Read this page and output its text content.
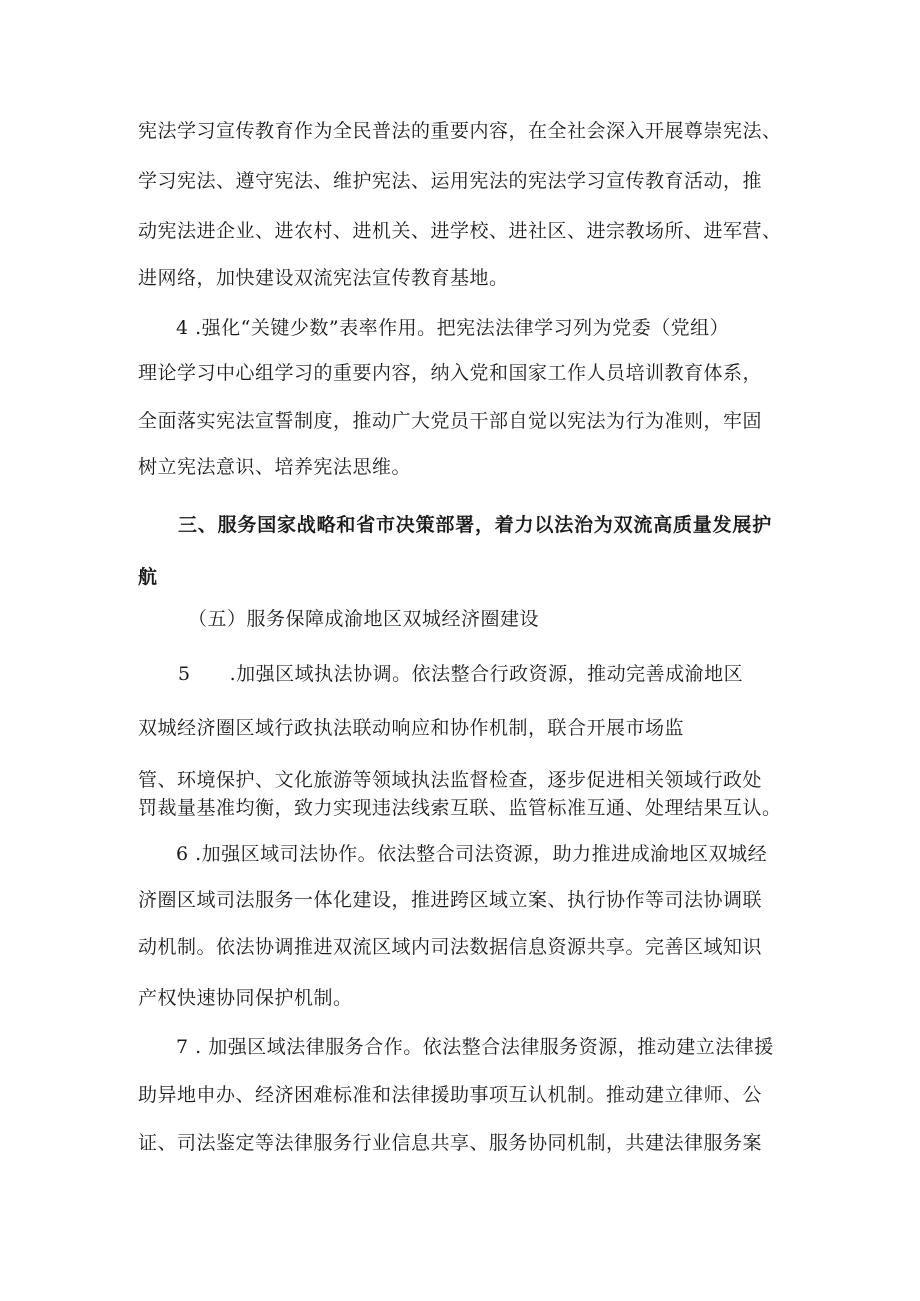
宪法学习宣传教育作为全民普法的重要内容，在全社会深入开展尊崇宪法、
学习宪法、遵守宪法、维护宪法、运用宪法的宪法学习宣传教育活动，推
动宪法进企业、进农村、进机关、进学校、进社区、进宗教场所、进军营、
进网络，加快建设双流宪法宣传教育基地。
4 .强化“关键少数”表率作用。把宪法法律学习列为党委（党组）
理论学习中心组学习的重要内容，纳入党和国家工作人员培训教育体系，
全面落实宪法宣誓制度，推动广大党员干部自觉以宪法为行为准则，牢固
树立宪法意识、培养宪法思维。
三、服务国家战略和省市决策部署，着力以法治为双流高质量发展护
航
（五）服务保障成渝地区双城经济圈建设
5　　.加强区域执法协调。依法整合行政资源，推动完善成渝地区
双城经济圈区域行政执法联动响应和协作机制，联合开展市场监
管、环境保护、文化旅游等领域执法监督检查，逐步促进相关领域行政处
罚裁量基准均衡，致力实现违法线索互联、监管标准互通、处理结果互认。
6 .加强区域司法协作。依法整合司法资源，助力推进成渝地区双城经
济圈区域司法服务一体化建设，推进跨区域立案、执行协作等司法协调联
动机制。依法协调推进双流区域内司法数据信息资源共享。完善区域知识
产权快速协同保护机制。
7 . 加强区域法律服务合作。依法整合法律服务资源，推动建立法律援
助异地申办、经济困难标准和法律援助事项互认机制。推动建立律师、公
证、司法鉴定等法律服务行业信息共享、服务协同机制，共建法律服务案
